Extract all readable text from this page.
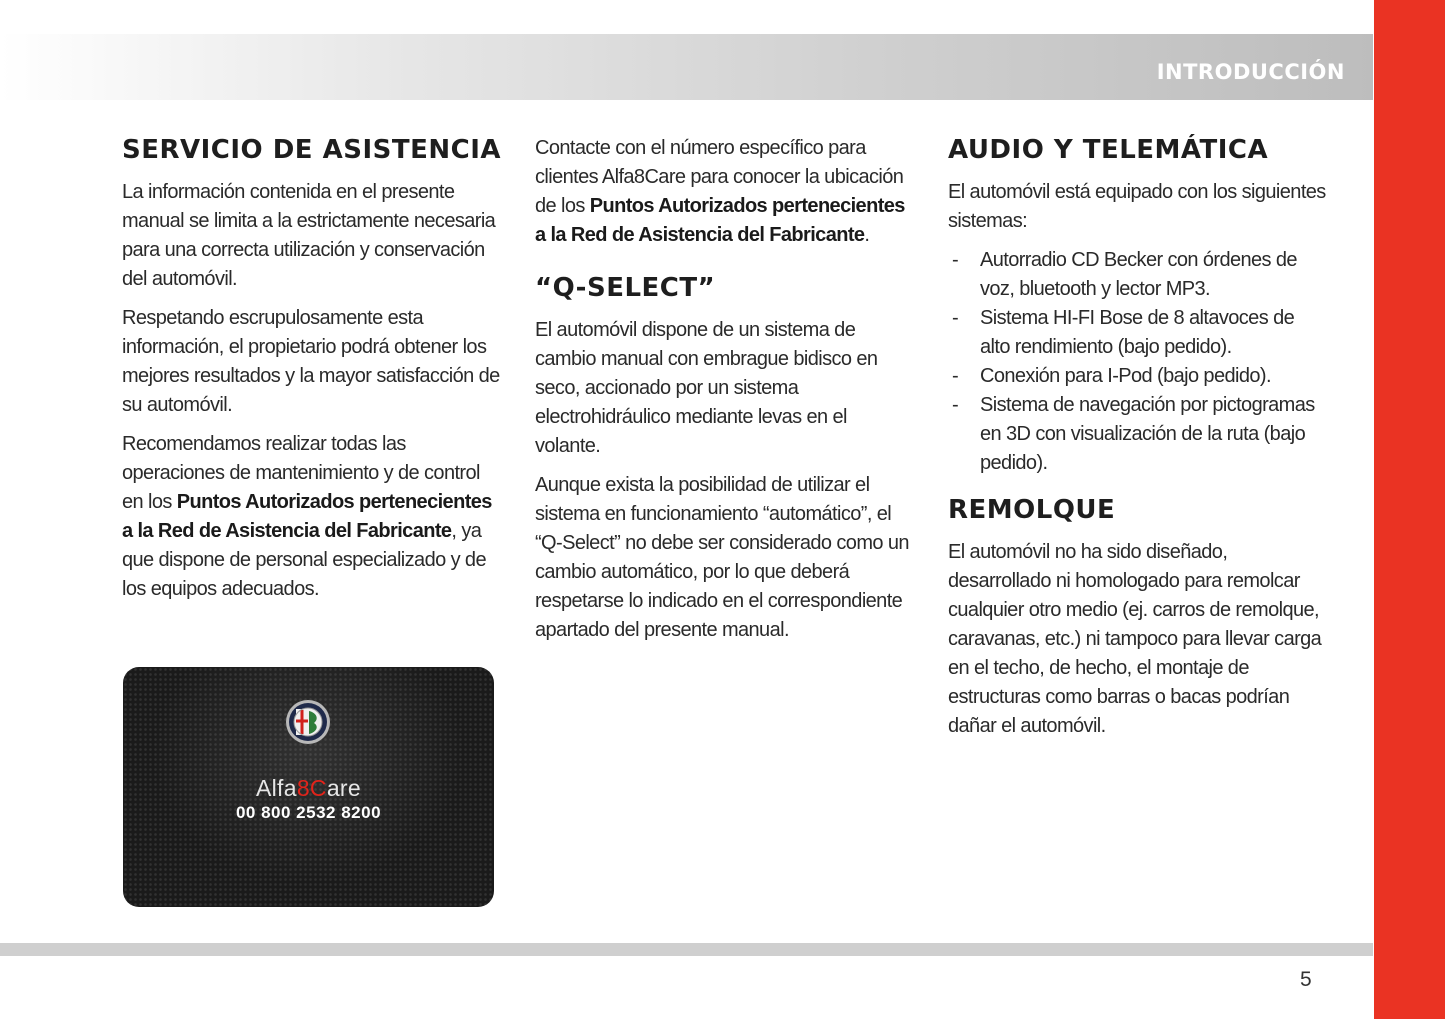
INTRODUCCIÓN
SERVICIO DE ASISTENCIA

La información contenida en el presente manual se limita a la estrictamente necesaria para una correcta utilización y conservación del automóvil.

Respetando escrupulosamente esta información, el propietario podrá obtener los mejores resultados y la mayor satisfacción de su automóvil.

Recomendamos realizar todas las operaciones de mantenimiento y de control en los Puntos Autorizados pertenecientes a la Red de Asistencia del Fabricante, ya que dispone de personal especializado y de los equipos adecuados.

Alfa8Care
00 800 2532 8200

Contacte con el número específico para clientes Alfa8Care para conocer la ubicación de los Puntos Autorizados pertenecientes a la Red de Asistencia del Fabricante.

“Q-SELECT”

El automóvil dispone de un sistema de cambio manual con embrague bidisco en seco, accionado por un sistema electrohidráulico mediante levas en el volante.

Aunque exista la posibilidad de utilizar el sistema en funcionamiento “automático”, el “Q-Select” no debe ser considerado como un cambio automático, por lo que deberá respetarse lo indicado en el correspondiente apartado del presente manual.

AUDIO Y TELEMÁTICA

El automóvil está equipado con los siguientes sistemas:

- Autorradio CD Becker con órdenes de voz, bluetooth y lector MP3.
- Sistema HI-FI Bose de 8 altavoces de alto rendimiento (bajo pedido).
- Conexión para I-Pod (bajo pedido).
- Sistema de navegación por pictogramas en 3D con visualización de la ruta (bajo pedido).
REMOLQUE

El automóvil no ha sido diseñado, desarrollado ni homologado para remolcar cualquier otro medio (ej. carros de remolque, caravanas, etc.) ni tampoco para llevar carga en el techo, de hecho, el montaje de estructuras como barras o bacas podrían dañar el automóvil.

5
